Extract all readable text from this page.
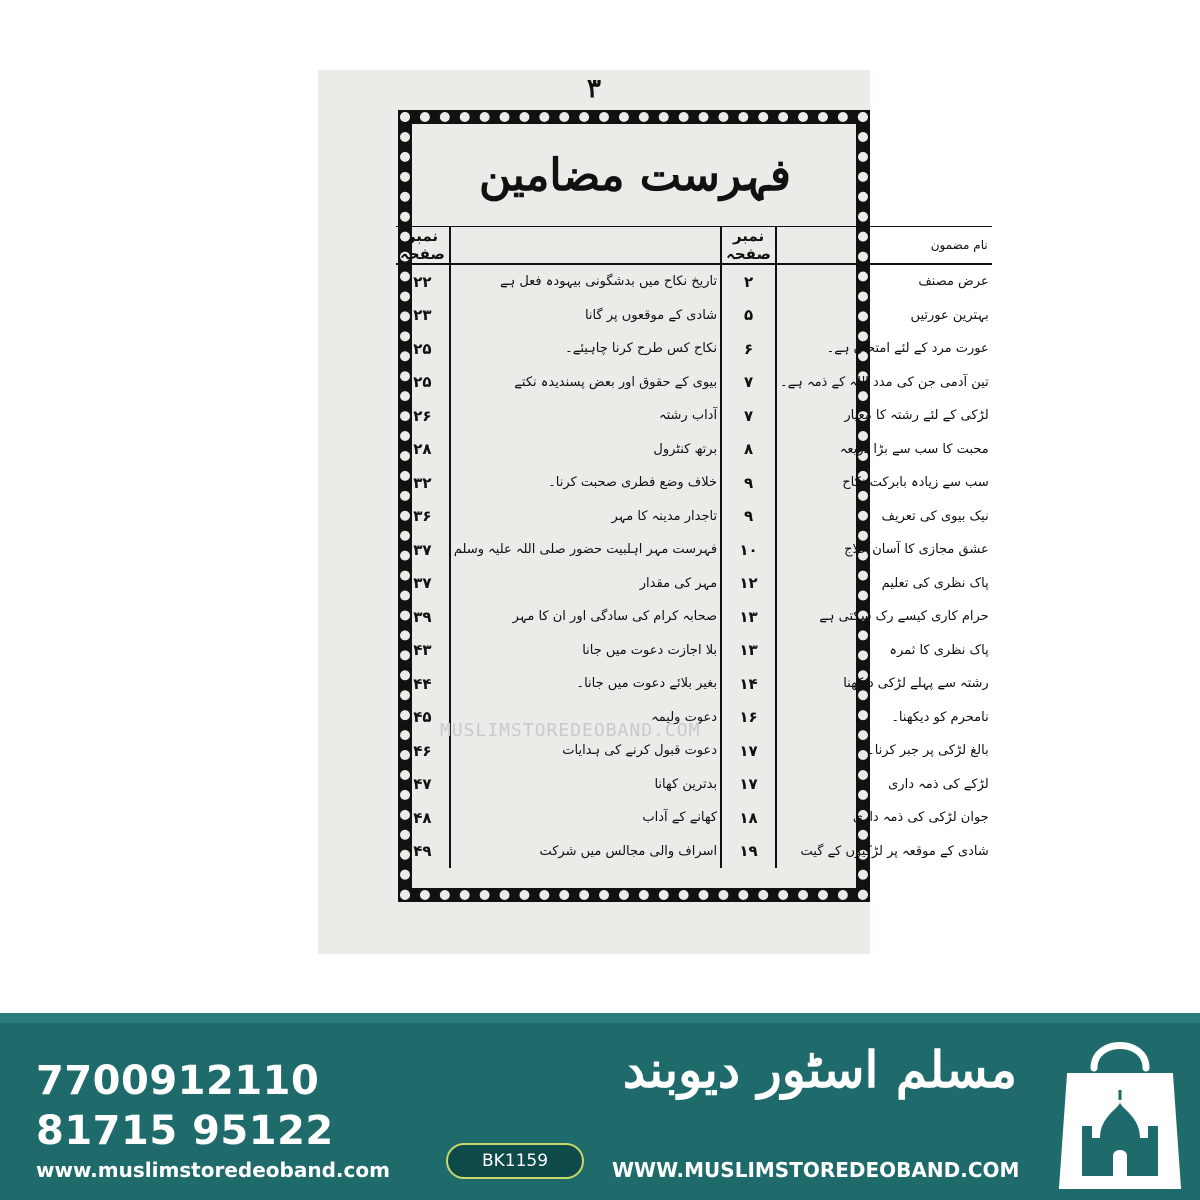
۳
فہرست مضامین
نام مضمون	نمبر صفحہ		نمبر صفحہ
عرض مصنف	۲	تاریخ نکاح میں بدشگونی بیہودہ فعل ہے	۲۲
بہترین عورتیں	۵	شادی کے موقعوں پر گانا	۲۳
عورت مرد کے لئے امتحان ہے۔	۶	نکاح کس طرح کرنا چاہیئے۔	۲۵
تین آدمی جن کی مدد اللہ کے ذمہ ہے۔	۷	بیوی کے حقوق اور بعض پسندیدہ نکتے	۲۵
لڑکی کے لئے رشتہ کا معیار	۷	آداب رشتہ	۲۶
محبت کا سب سے بڑا ذریعہ	۸	برتھ کنٹرول	۲۸
سب سے زیادہ بابرکت نکاح	۹	خلاف وضع فطری صحبت کرنا۔	۳۲
نیک بیوی کی تعریف	۹	تاجدار مدینہ کا مہر	۳۶
عشق مجازی کا آسان علاج	۱۰	فہرست مہر اہلبیت حضور صلی اللہ علیہ وسلم	۳۷
پاک نظری کی تعلیم	۱۲	مہر کی مقدار	۳۷
حرام کاری کیسے رک سکتی ہے	۱۳	صحابہ کرام کی سادگی اور ان کا مہر	۳۹
پاک نظری کا ثمرہ	۱۳	بلا اجازت دعوت میں جانا	۴۳
رشتہ سے پہلے لڑکی دیکھنا	۱۴	بغیر بلائے دعوت میں جانا۔	۴۴
نامحرم کو دیکھنا۔	۱۶	دعوت ولیمہ	۴۵
بالغ لڑکی پر جبر کرنا۔	۱۷	دعوت قبول کرنے کی ہدایات	۴۶
لڑکے کی ذمہ داری	۱۷	بدترین کھانا	۴۷
جوان لڑکی کی ذمہ داری	۱۸	کھانے کے آداب	۴۸
شادی کے موقعہ پر لڑکیوں کے گیت	۱۹	اسراف والی مجالس میں شرکت	۴۹
MUSLIMSTOREDEOBAND.COM
7700912110
81715 95122
www.muslimstoredeoband.com	BK1159
مسلم اسٹور دیوبند
WWW.MUSLIMSTOREDEOBAND.COM
